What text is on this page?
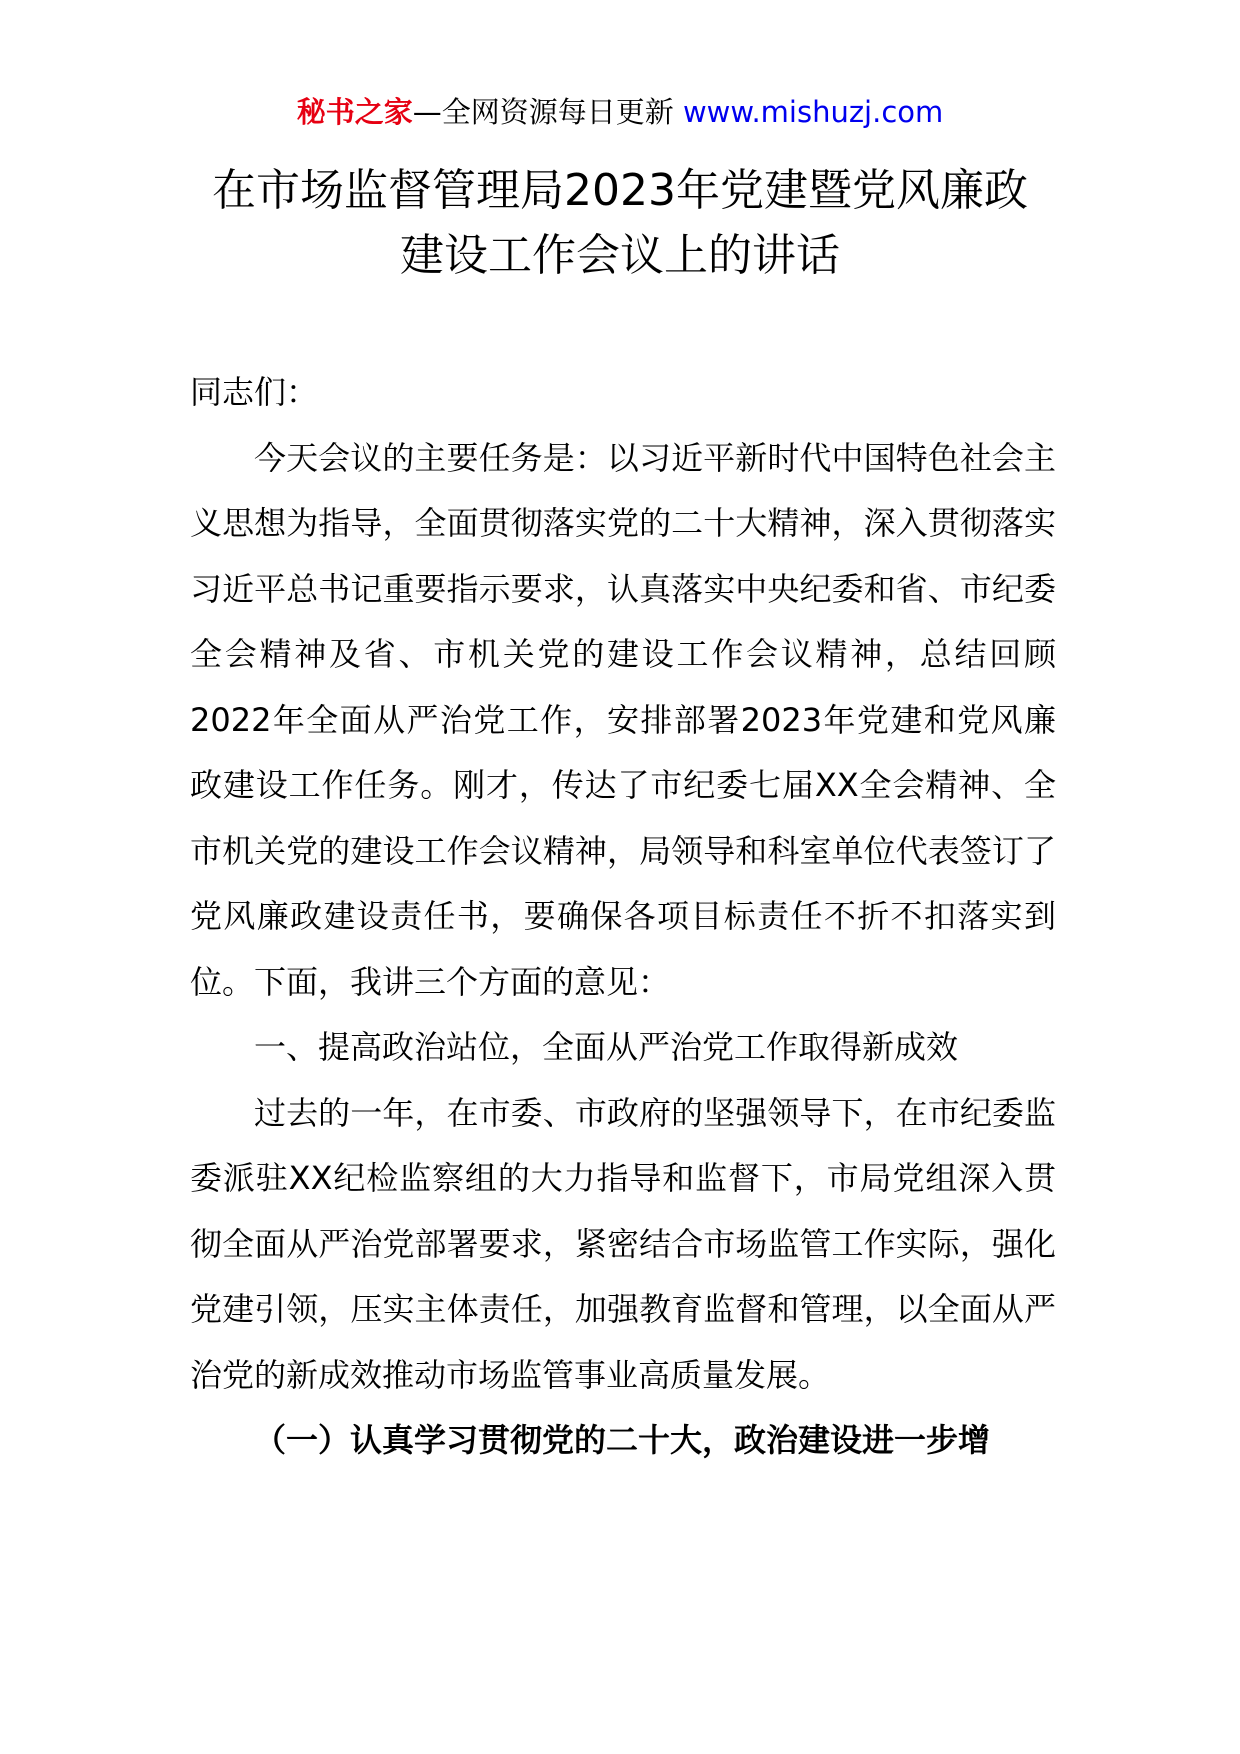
秘书之家—全网资源每日更新 www.mishuzj.com
在市场监督管理局2023年党建暨党风廉政
建设工作会议上的讲话

同志们：

今天会议的主要任务是：以习近平新时代中国特色社会主义思想为指导，全面贯彻落实党的二十大精神，深入贯彻落实习近平总书记重要指示要求，认真落实中央纪委和省、市纪委全会精神及省、市机关党的建设工作会议精神，总结回顾2022年全面从严治党工作，安排部署2023年党建和党风廉政建设工作任务。刚才，传达了市纪委七届XX全会精神、全市机关党的建设工作会议精神，局领导和科室单位代表签订了党风廉政建设责任书，要确保各项目标责任不折不扣落实到位。下面，我讲三个方面的意见：

一、提高政治站位，全面从严治党工作取得新成效

过去的一年，在市委、市政府的坚强领导下，在市纪委监委派驻XX纪检监察组的大力指导和监督下，市局党组深入贯彻全面从严治党部署要求，紧密结合市场监管工作实际，强化党建引领，压实主体责任，加强教育监督和管理，以全面从严治党的新成效推动市场监管事业高质量发展。

（一）认真学习贯彻党的二十大，政治建设进一步增
